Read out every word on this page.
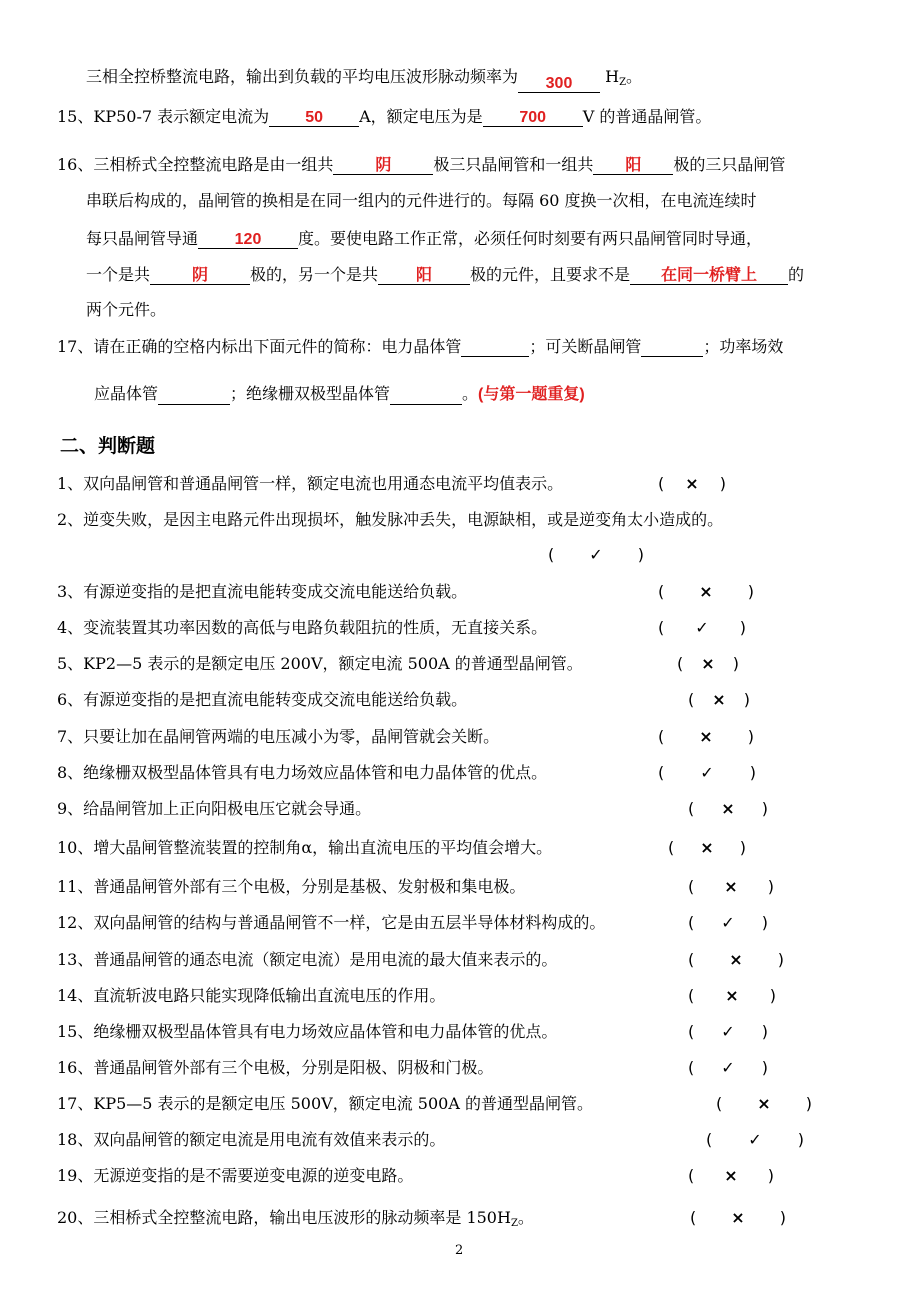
三相全控桥整流电路，输出到负载的平均电压波形脉动频率为 300 $H_Z$。
15、KP50-7 表示额定电流为 50 A，额定电压为是 700 V 的普通晶闸管。
16、三相桥式全控整流电路是由一组共	阴	极三只晶闸管和一组共 阳 极的三只晶闸管
串联后构成的，晶闸管的换相是在同一组内的元件进行的。每隔 60 度换一次相，在电流连续时
每只晶闸管导通 120 度。要使电路工作正常，必须任何时刻要有两只晶闸管同时导通，
一个是共	阴	极的，另一个是共 阳 极的元件，且要求不是 在同一桥臂上 的
两个元件。
17、请在正确的空格内标出下面元件的简称：电力晶体管	；可关断晶闸管	；功率场效
应晶体管	；绝缘栅双极型晶体管	。(与第一题重复)
二、判断题
1、双向晶闸管和普通晶闸管一样，额定电流也用通态电流平均值表示。	( × )
2、逆变失败，是因主电路元件出现损坏，触发脉冲丢失，电源缺相，或是逆变角太小造成的。
( ✓ )
3、有源逆变指的是把直流电能转变成交流电能送给负载。	( × )
4、变流装置其功率因数的高低与电路负载阻抗的性质，无直接关系。	( ✓ )
5、KP2—5 表示的是额定电压 200V，额定电流 500A 的普通型晶闸管。	( × )
6、有源逆变指的是把直流电能转变成交流电能送给负载。	( × )
7、只要让加在晶闸管两端的电压减小为零，晶闸管就会关断。	( × )
8、绝缘栅双极型晶体管具有电力场效应晶体管和电力晶体管的优点。	( ✓ )
9、给晶闸管加上正向阳极电压它就会导通。	( × )
10、增大晶闸管整流装置的控制角α，输出直流电压的平均值会增大。	( × )
11、普通晶闸管外部有三个电极，分别是基极、发射极和集电极。	( × )
12、双向晶闸管的结构与普通晶闸管不一样，它是由五层半导体材料构成的。	( ✓ )
13、普通晶闸管的通态电流（额定电流）是用电流的最大值来表示的。	( × )
14、直流斩波电路只能实现降低输出直流电压的作用。	( × )
15、绝缘栅双极型晶体管具有电力场效应晶体管和电力晶体管的优点。	( ✓ )
16、普通晶闸管外部有三个电极，分别是阳极、阴极和门极。	( ✓ )
17、KP5—5 表示的是额定电压 500V，额定电流 500A 的普通型晶闸管。	( × )
18、双向晶闸管的额定电流是用电流有效值来表示的。	( ✓ )
19、无源逆变指的是不需要逆变电源的逆变电路。	( × )
20、三相桥式全控整流电路，输出电压波形的脉动频率是 $150H_Z$。	( × )
2
